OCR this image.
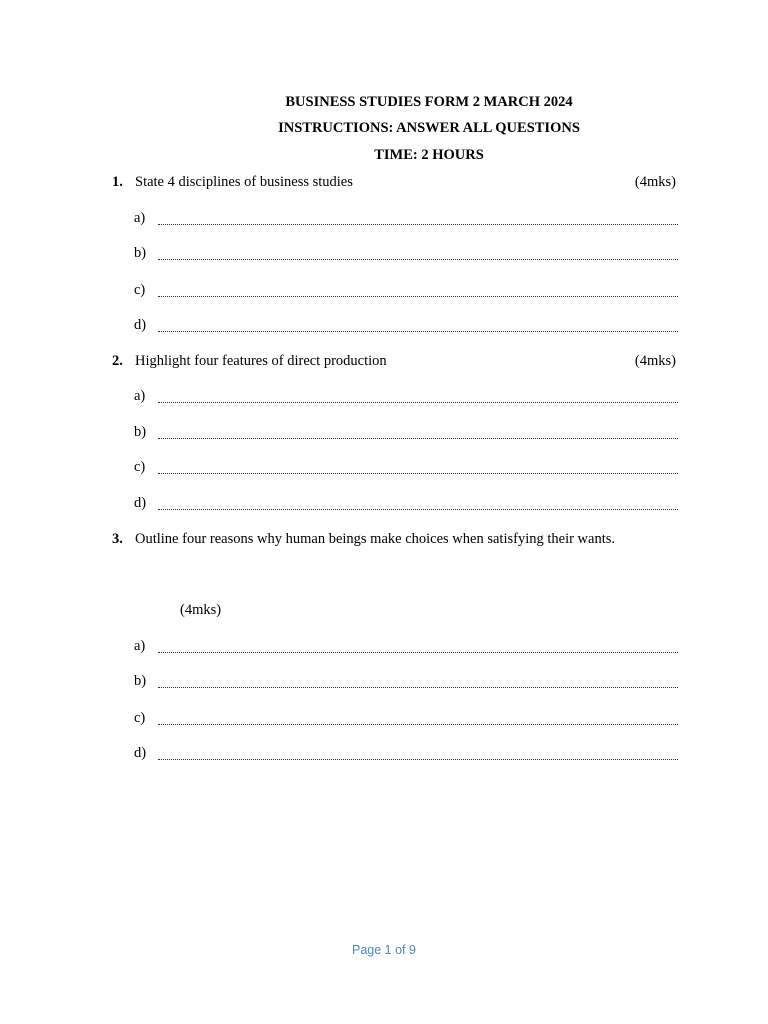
BUSINESS STUDIES FORM 2 MARCH 2024
INSTRUCTIONS: ANSWER ALL QUESTIONS
TIME: 2 HOURS
1. State 4 disciplines of business studies	(4mks)
a)
b)
c)
d)
2. Highlight four features of direct production	(4mks)
a)
b)
c)
d)
3. Outline four reasons why human beings make choices when satisfying their wants.
(4mks)
a)
b)
c)
d)
Page 1 of 9
